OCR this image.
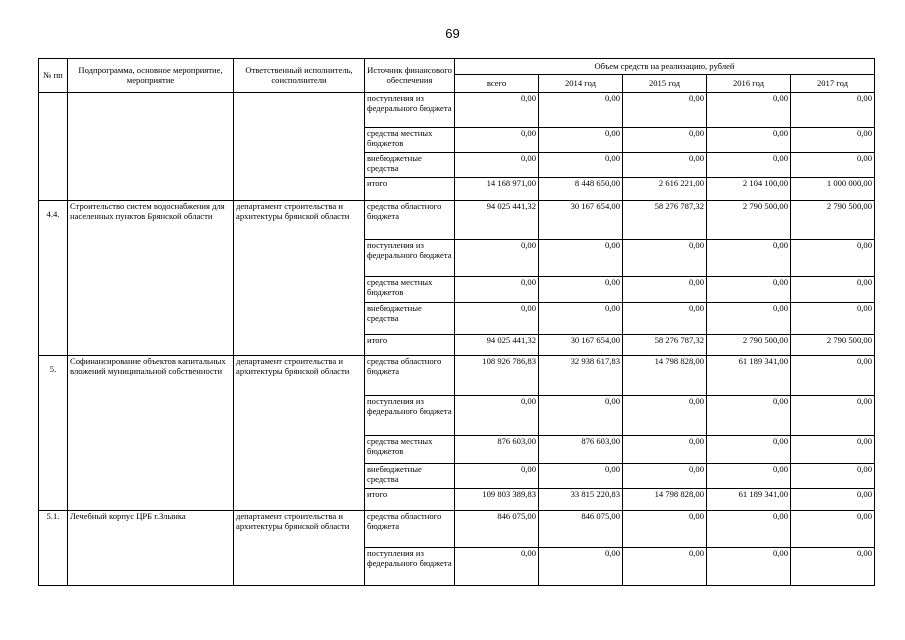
69
№ пп	Подпрограмма, основное мероприятие, мероприятие	Ответственный исполнитель, соисполнители	Источник финансового обеспечения	Объем средств на реализацию, рублей				
				всего	2014 год	2015 год	2016 год	2017 год
			поступления из федерального бюджета	0,00	0,00	0,00	0,00	0,00
			средства местных бюджетов	0,00	0,00	0,00	0,00	0,00
			внебюджетные средства	0,00	0,00	0,00	0,00	0,00
			итого	14 168 971,00	8 448 650,00	2 616 221,00	2 104 100,00	1 000 000,00

4.4.	Строительство систем водоснабжения для населенных пунктов Брянской области	департамент строительства и архитектуры брянской области	средства областного бюджета	94 025 441,32	30 167 654,00	58 276 787,32	2 790 500,00	2 790 500,00
			поступления из федерального бюджета	0,00	0,00	0,00	0,00	0,00
			средства местных бюджетов	0,00	0,00	0,00	0,00	0,00
			внебюджетные средства	0,00	0,00	0,00	0,00	0,00
			итого	94 025 441,32	30 167 654,00	58 276 787,32	2 790 500,00	2 790 500,00

5.	Софинансирование объектов капитальных вложений муниципальной собственности	департамент строительства и архитектуры брянской области	средства областного бюджета	108 926 786,83	32 938 617,83	14 798 828,00	61 189 341,00	0,00
			поступления из федерального бюджета	0,00	0,00	0,00	0,00	0,00
			средства местных бюджетов	876 603,00	876 603,00	0,00	0,00	0,00
			внебюджетные средства	0,00	0,00	0,00	0,00	0,00
			итого	109 803 389,83	33 815 220,83	14 798 828,00	61 189 341,00	0,00

5.1.	Лечебный корпус ЦРБ г.Злынка	департамент строительства и архитектуры брянской области	средства областного бюджета	846 075,00	846 075,00	0,00	0,00	0,00
			поступления из федерального бюджета	0,00	0,00	0,00	0,00	0,00
